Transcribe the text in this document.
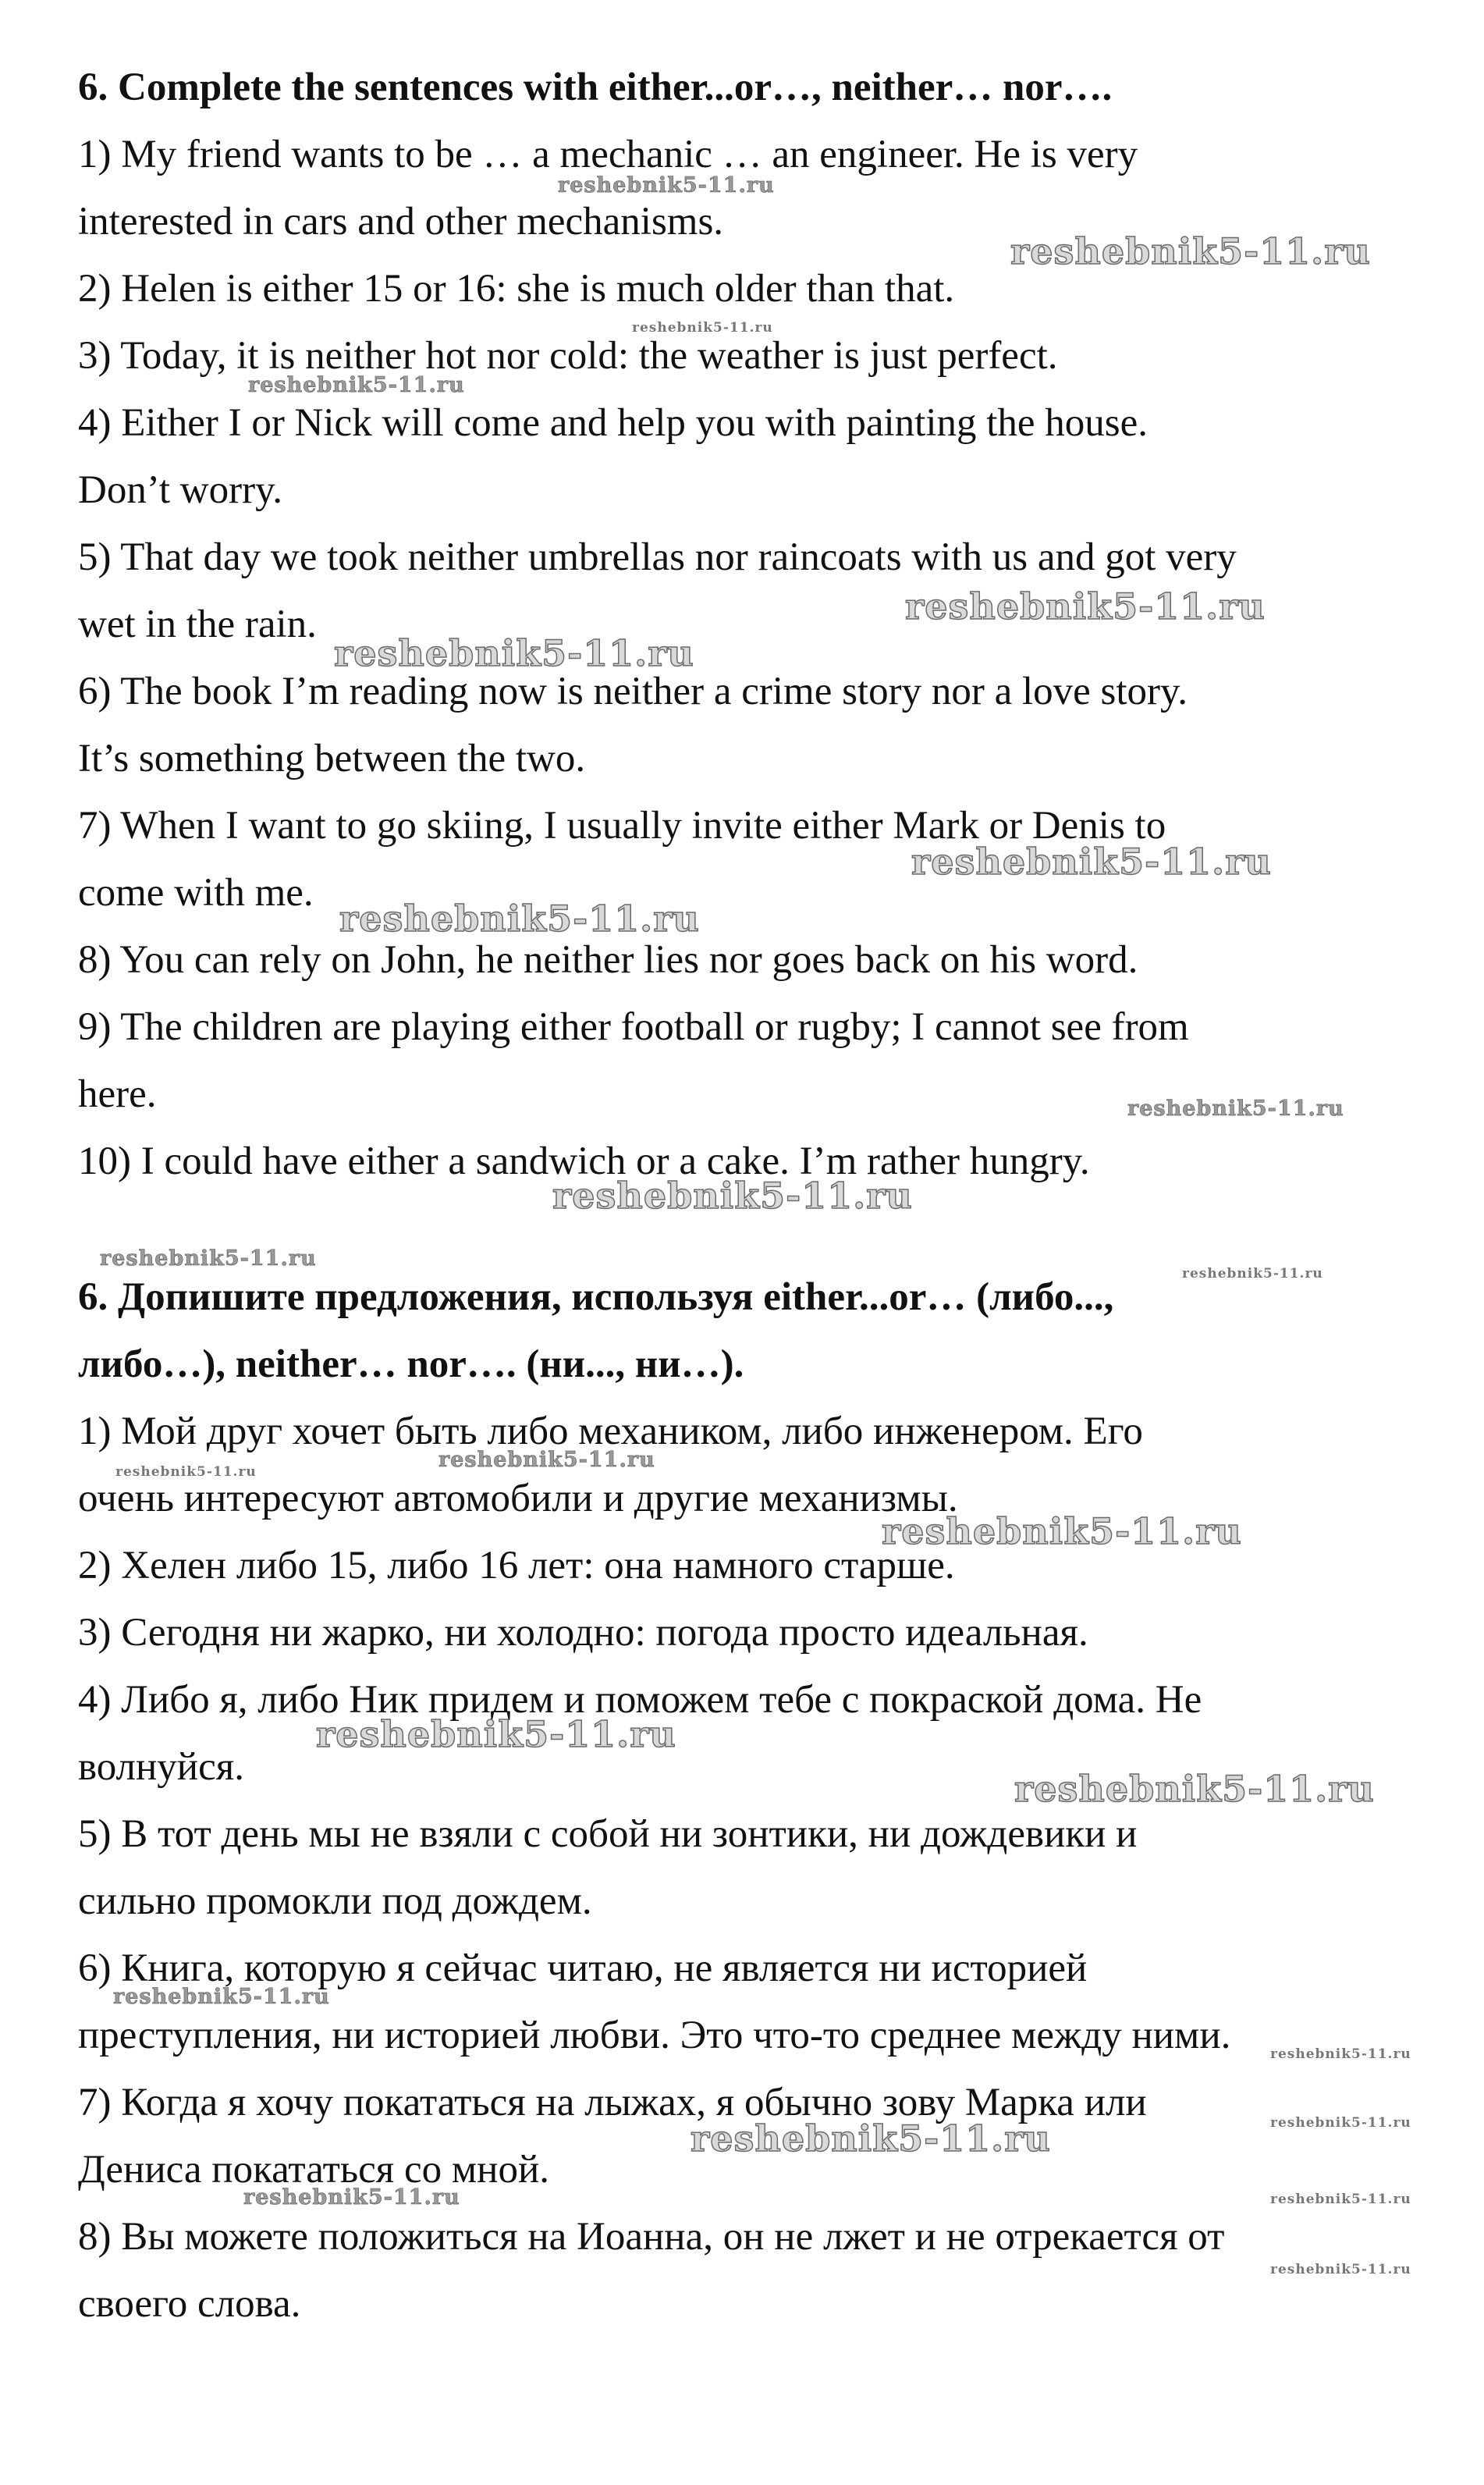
6. Complete the sentences with either...or…, neither… nor….
1) My friend wants to be … a mechanic … an engineer. He is very
interested in cars and other mechanisms.
2) Helen is either 15 or 16: she is much older than that.
3) Today, it is neither hot nor cold: the weather is just perfect.
4) Either I or Nick will come and help you with painting the house.
Don’t worry.
5) That day we took neither umbrellas nor raincoats with us and got very
wet in the rain.
6) The book I’m reading now is neither a crime story nor a love story.
It’s something between the two.
7) When I want to go skiing, I usually invite either Mark or Denis to
come with me.
8) You can rely on John, he neither lies nor goes back on his word.
9) The children are playing either football or rugby; I cannot see from
here.
10) I could have either a sandwich or a cake. I’m rather hungry.
6. Допишите предложения, используя either...or… (либо...,
либо…), neither… nor…. (ни..., ни…).
1) Мой друг хочет быть либо механиком, либо инженером. Его
очень интересуют автомобили и другие механизмы.
2) Хелен либо 15, либо 16 лет: она намного старше.
3) Сегодня ни жарко, ни холодно: погода просто идеальная.
4) Либо я, либо Ник придем и поможем тебе с покраской дома. Не
волнуйся.
5) В тот день мы не взяли с собой ни зонтики, ни дождевики и
сильно промокли под дождем.
6) Книга, которую я сейчас читаю, не является ни историей
преступления, ни историей любви. Это что-то среднее между ними.
7) Когда я хочу покататься на лыжах, я обычно зову Марка или
Дениса покататься со мной.
8) Вы можете положиться на Иоанна, он не лжет и не отрекается от
своего слова.
reshebnik5-11.ru
reshebnik5-11.ru
reshebnik5-11.ru
reshebnik5-11.ru
reshebnik5-11.ru
reshebnik5-11.ru
reshebnik5-11.ru
reshebnik5-11.ru
reshebnik5-11.ru
reshebnik5-11.ru
reshebnik5-11.ru
reshebnik5-11.ru
reshebnik5-11.ru
reshebnik5-11.ru
reshebnik5-11.ru
reshebnik5-11.ru
reshebnik5-11.ru
reshebnik5-11.ru
reshebnik5-11.ru
reshebnik5-11.ru
reshebnik5-11.ru
reshebnik5-11.ru	reshebnik5-11.ru
reshebnik5-11.ru
